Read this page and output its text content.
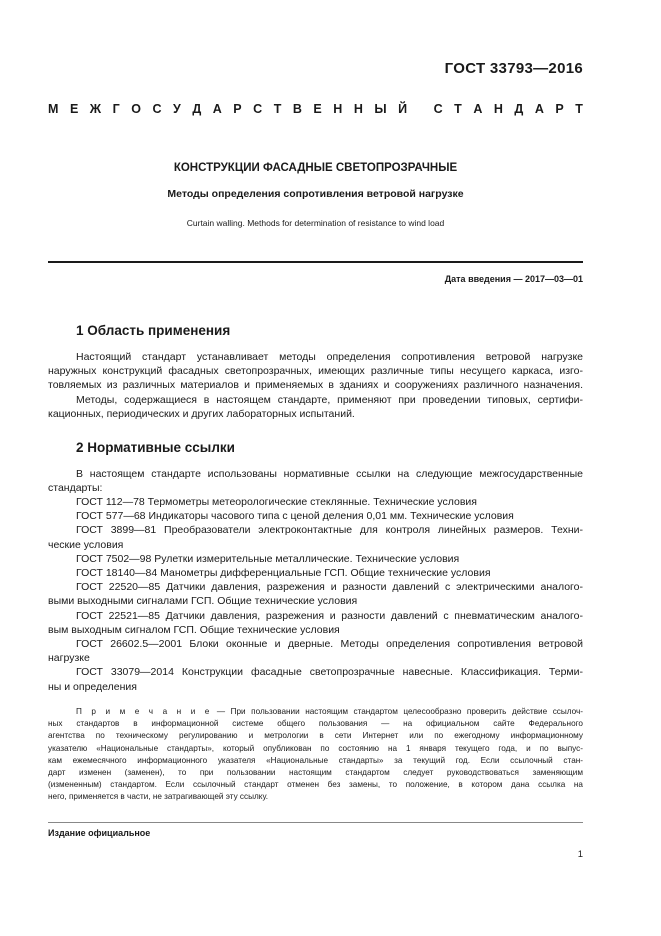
ГОСТ 33793—2016
М Е Ж Г О С У Д А Р С Т В Е Н Н Ы Й
С Т А Н Д А Р Т
КОНСТРУКЦИИ ФАСАДНЫЕ СВЕТОПРОЗРАЧНЫЕ
Методы определения сопротивления ветровой нагрузке
Curtain walling. Methods for determination of resistance to wind load
Дата введения — 2017—03—01
1 Область применения
Настоящий стандарт устанавливает методы определения сопротивления ветровой нагрузке
наружных конструкций фасадных светопрозрачных, имеющих различные типы несущего каркаса, изго-
товляемых из различных материалов и применяемых в зданиях и сооружениях различного назначения.
Методы, содержащиеся в настоящем стандарте, применяют при проведении типовых, сертифи-
кационных, периодических и других лабораторных испытаний.
2 Нормативные ссылки
В настоящем стандарте использованы нормативные ссылки на следующие межгосударственные
стандарты:
ГОСТ 112—78 Термометры метеорологические стеклянные. Технические условия
ГОСТ 577—68 Индикаторы часового типа с ценой деления 0,01 мм. Технические условия
ГОСТ 3899—81 Преобразователи электроконтактные для контроля линейных размеров. Техни-
ческие условия
ГОСТ 7502—98 Рулетки измерительные металлические. Технические условия
ГОСТ 18140—84 Манометры дифференциальные ГСП. Общие технические условия
ГОСТ 22520—85 Датчики давления, разрежения и разности давлений с электрическими аналого-
выми выходными сигналами ГСП. Общие технические условия
ГОСТ 22521—85 Датчики давления, разрежения и разности давлений с пневматическим аналого-
вым выходным сигналом ГСП. Общие технические условия
ГОСТ 26602.5—2001 Блоки оконные и дверные. Методы определения сопротивления ветровой
нагрузке
ГОСТ 33079—2014 Конструкции фасадные светопрозрачные навесные. Классификация. Терми-
ны и определения
П р и м е ч а н и е — При пользовании настоящим стандартом целесообразно проверить действие ссылоч-
ных стандартов в информационной системе общего пользования — на официальном сайте Федерального
агентства по техническому регулированию и метрологии в сети Интернет или по ежегодному информационному
указателю «Национальные стандарты», который опубликован по состоянию на 1 января текущего года, и по выпус-
кам ежемесячного информационного указателя «Национальные стандарты» за текущий год. Если ссылочный стан-
дарт изменен (заменен), то при пользовании настоящим стандартом следует руководствоваться заменяющим
(измененным) стандартом. Если ссылочный стандарт отменен без замены, то положение, в котором дана ссылка на
него, применяется в части, не затрагивающей эту ссылку.
Издание официальное
1
